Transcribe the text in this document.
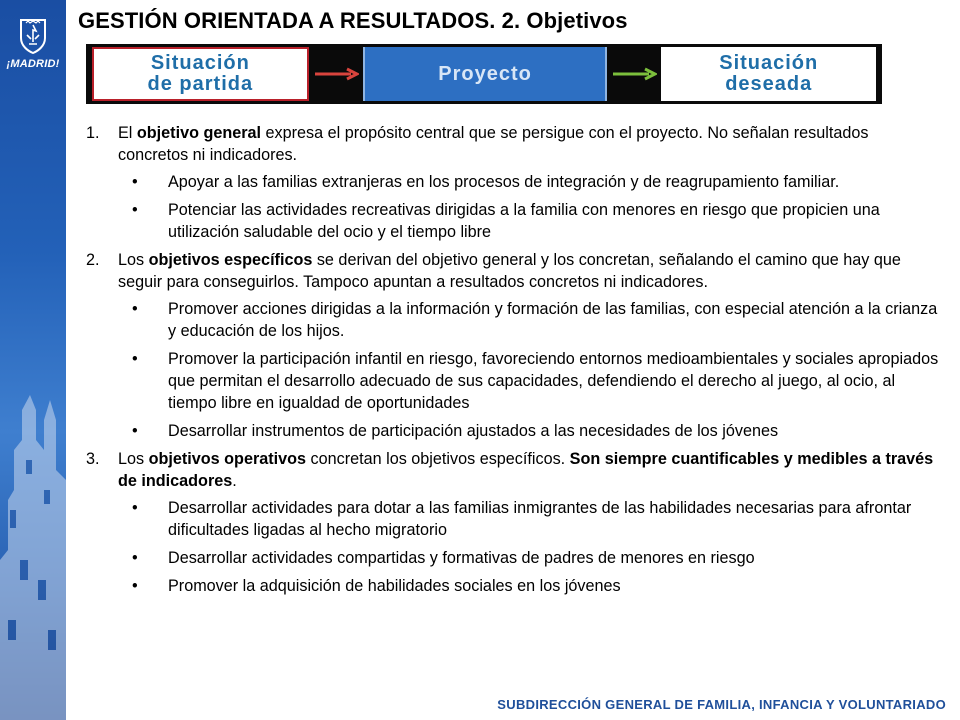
¡MADRID!
GESTIÓN ORIENTADA A RESULTADOS. 2. Objetivos
Situación
de partida	Proyecto	Situación
deseada
1. El objetivo general expresa el propósito central que se persigue con el proyecto. No señalan resultados concretos ni indicadores.
• Apoyar a las familias extranjeras en los procesos de integración y de reagrupamiento familiar.
• Potenciar las actividades recreativas dirigidas a la familia con menores en riesgo que propicien una utilización saludable del ocio y el tiempo libre
2. Los objetivos específicos se derivan del objetivo general y los concretan, señalando el camino que hay que seguir para conseguirlos. Tampoco apuntan a resultados concretos ni indicadores.
• Promover acciones dirigidas a la información y formación de las familias, con especial atención a la crianza y educación de los hijos.
• Promover la participación infantil en riesgo, favoreciendo entornos medioambientales y sociales apropiados que permitan el desarrollo adecuado de sus capacidades, defendiendo el derecho al juego, al ocio, al tiempo libre en igualdad de oportunidades
• Desarrollar instrumentos de participación ajustados a las necesidades de los jóvenes
3. Los objetivos operativos concretan los objetivos específicos. Son siempre cuantificables y medibles a través de indicadores.
• Desarrollar actividades para dotar a las familias inmigrantes de las habilidades necesarias para afrontar dificultades ligadas al hecho migratorio
• Desarrollar actividades compartidas y formativas de padres de menores en riesgo
• Promover la adquisición de habilidades sociales en los jóvenes
SUBDIRECCIÓN GENERAL DE FAMILIA, INFANCIA Y VOLUNTARIADO
